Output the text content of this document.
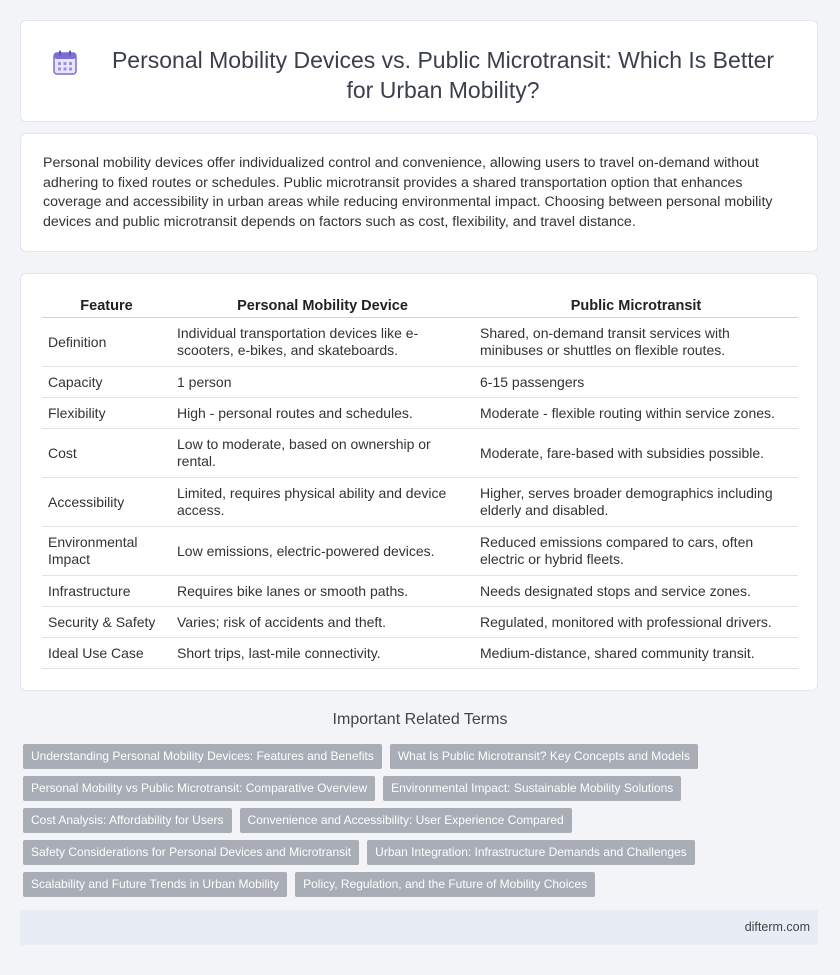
Personal Mobility Devices vs. Public Microtransit: Which Is Better for Urban Mobility?

Personal mobility devices offer individualized control and convenience, allowing users to travel on-demand without adhering to fixed routes or schedules. Public microtransit provides a shared transportation option that enhances coverage and accessibility in urban areas while reducing environmental impact. Choosing between personal mobility devices and public microtransit depends on factors such as cost, flexibility, and travel distance.

Feature	Personal Mobility Device	Public Microtransit
Definition	Individual transportation devices like e-scooters, e-bikes, and skateboards.	Shared, on-demand transit services with minibuses or shuttles on flexible routes.
Capacity	1 person	6-15 passengers
Flexibility	High - personal routes and schedules.	Moderate - flexible routing within service zones.
Cost	Low to moderate, based on ownership or rental.	Moderate, fare-based with subsidies possible.
Accessibility	Limited, requires physical ability and device access.	Higher, serves broader demographics including elderly and disabled.
Environmental Impact	Low emissions, electric-powered devices.	Reduced emissions compared to cars, often electric or hybrid fleets.
Infrastructure	Requires bike lanes or smooth paths.	Needs designated stops and service zones.
Security & Safety	Varies; risk of accidents and theft.	Regulated, monitored with professional drivers.
Ideal Use Case	Short trips, last-mile connectivity.	Medium-distance, shared community transit.
Important Related Terms
Understanding Personal Mobility Devices: Features and Benefits	What Is Public Microtransit? Key Concepts and Models
Personal Mobility vs Public Microtransit: Comparative Overview	Environmental Impact: Sustainable Mobility Solutions
Cost Analysis: Affordability for Users	Convenience and Accessibility: User Experience Compared
Safety Considerations for Personal Devices and Microtransit	Urban Integration: Infrastructure Demands and Challenges
Scalability and Future Trends in Urban Mobility	Policy, Regulation, and the Future of Mobility Choices
difterm.com
